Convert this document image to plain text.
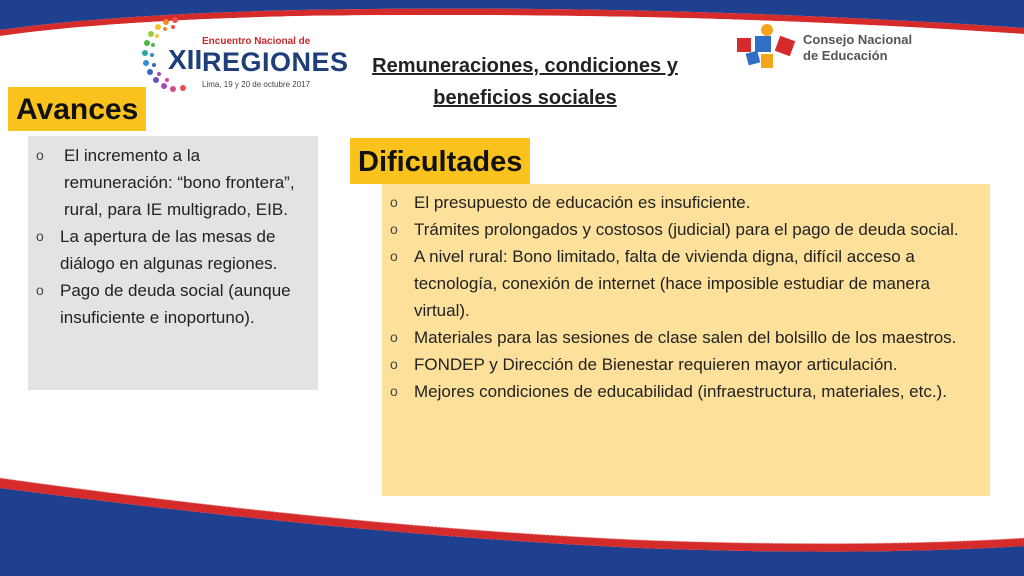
XII
Encuentro Nacional de
REGIONES
Lima, 19 y 20 de octubre 2017
Consejo Nacional
de Educación
Remuneraciones, condiciones y
beneficios sociales
Avances
o El incremento a la remuneración: “bono frontera”, rural, para IE multigrado, EIB.
o La apertura de las mesas de diálogo en algunas regiones.
o Pago de deuda social (aunque insuficiente e inoportuno).
Dificultades
o El presupuesto de educación es insuficiente.
o Trámites prolongados y costosos (judicial) para el pago de deuda social.
o A nivel rural: Bono limitado, falta de vivienda digna, difícil acceso a tecnología, conexión de internet (hace imposible estudiar de manera virtual).
o Materiales para las sesiones de clase salen del bolsillo de los maestros.
o FONDEP y Dirección de Bienestar requieren mayor articulación.
o Mejores condiciones de educabilidad (infraestructura, materiales, etc.).
